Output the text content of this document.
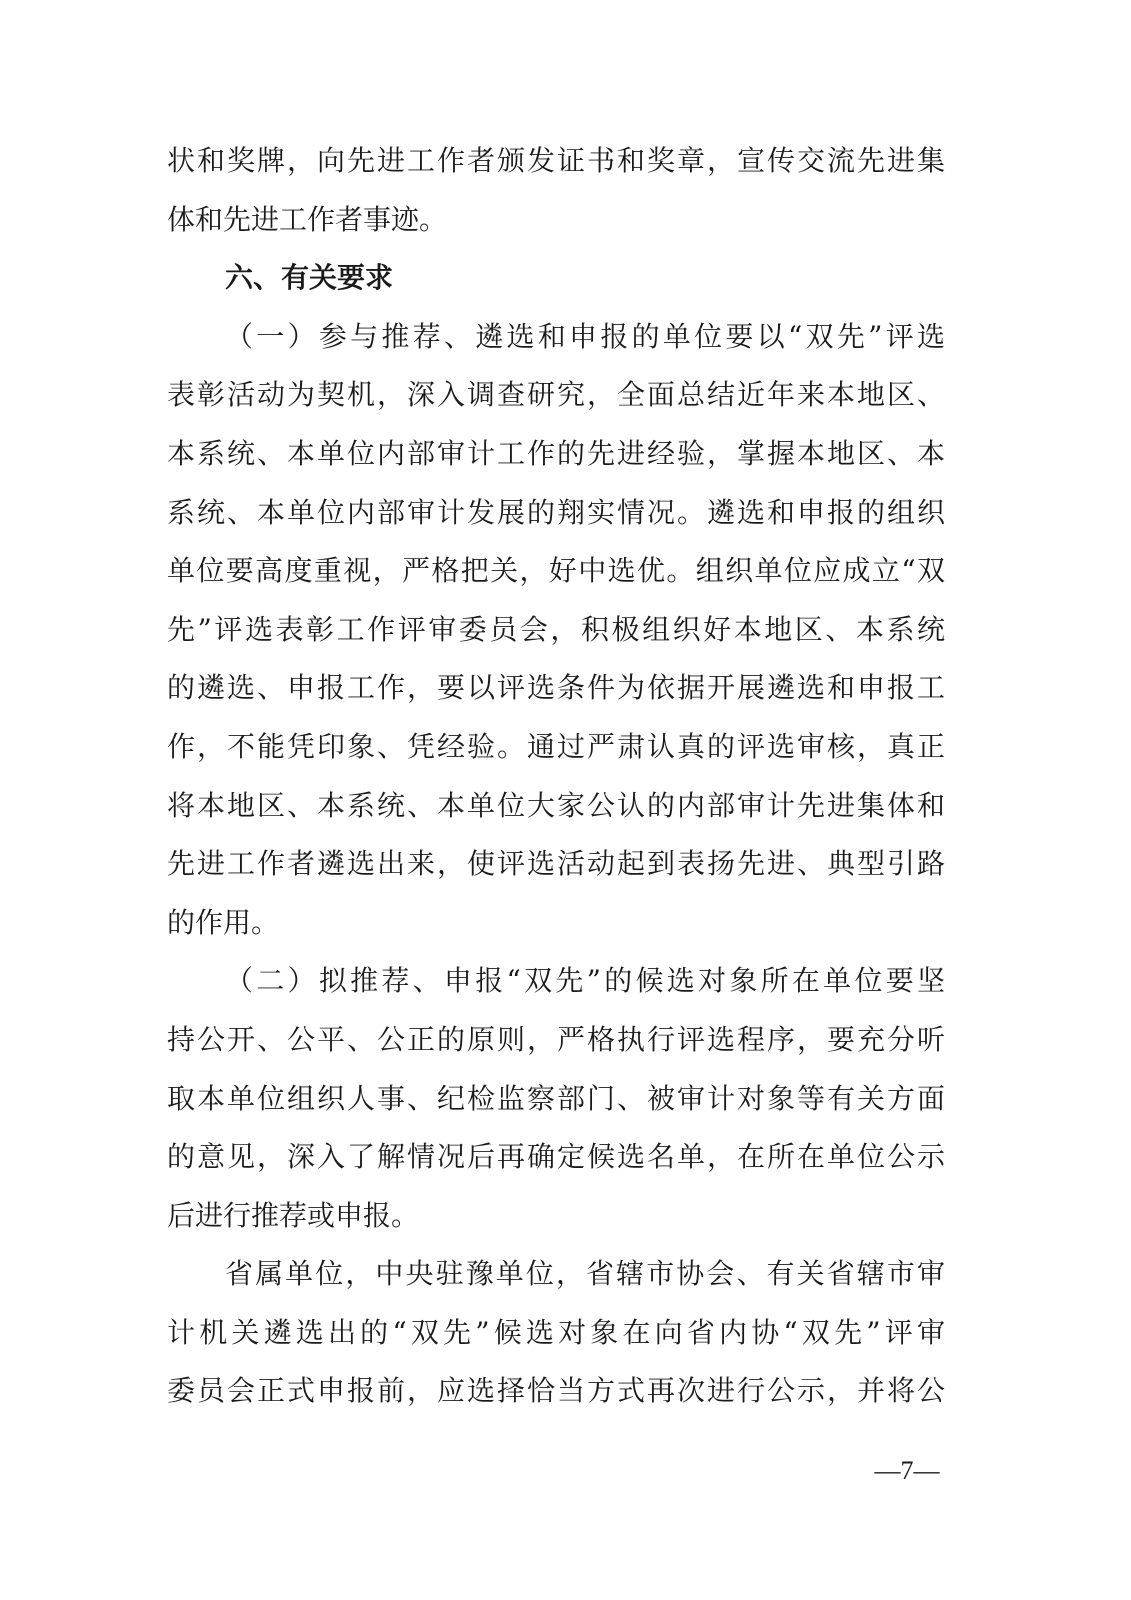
状和奖牌，向先进工作者颁发证书和奖章，宣传交流先进集
体和先进工作者事迹。
六、有关要求
（一）参与推荐、遴选和申报的单位要以“双先”评选
表彰活动为契机，深入调查研究，全面总结近年来本地区、
本系统、本单位内部审计工作的先进经验，掌握本地区、本
系统、本单位内部审计发展的翔实情况。遴选和申报的组织
单位要高度重视，严格把关，好中选优。组织单位应成立“双
先”评选表彰工作评审委员会，积极组织好本地区、本系统
的遴选、申报工作，要以评选条件为依据开展遴选和申报工
作，不能凭印象、凭经验。通过严肃认真的评选审核，真正
将本地区、本系统、本单位大家公认的内部审计先进集体和
先进工作者遴选出来，使评选活动起到表扬先进、典型引路
的作用。
（二）拟推荐、申报“双先”的候选对象所在单位要坚
持公开、公平、公正的原则，严格执行评选程序，要充分听
取本单位组织人事、纪检监察部门、被审计对象等有关方面
的意见，深入了解情况后再确定候选名单，在所在单位公示
后进行推荐或申报。
省属单位，中央驻豫单位，省辖市协会、有关省辖市审
计机关遴选出的“双先”候选对象在向省内协“双先”评审
委员会正式申报前，应选择恰当方式再次进行公示，并将公
—7—
